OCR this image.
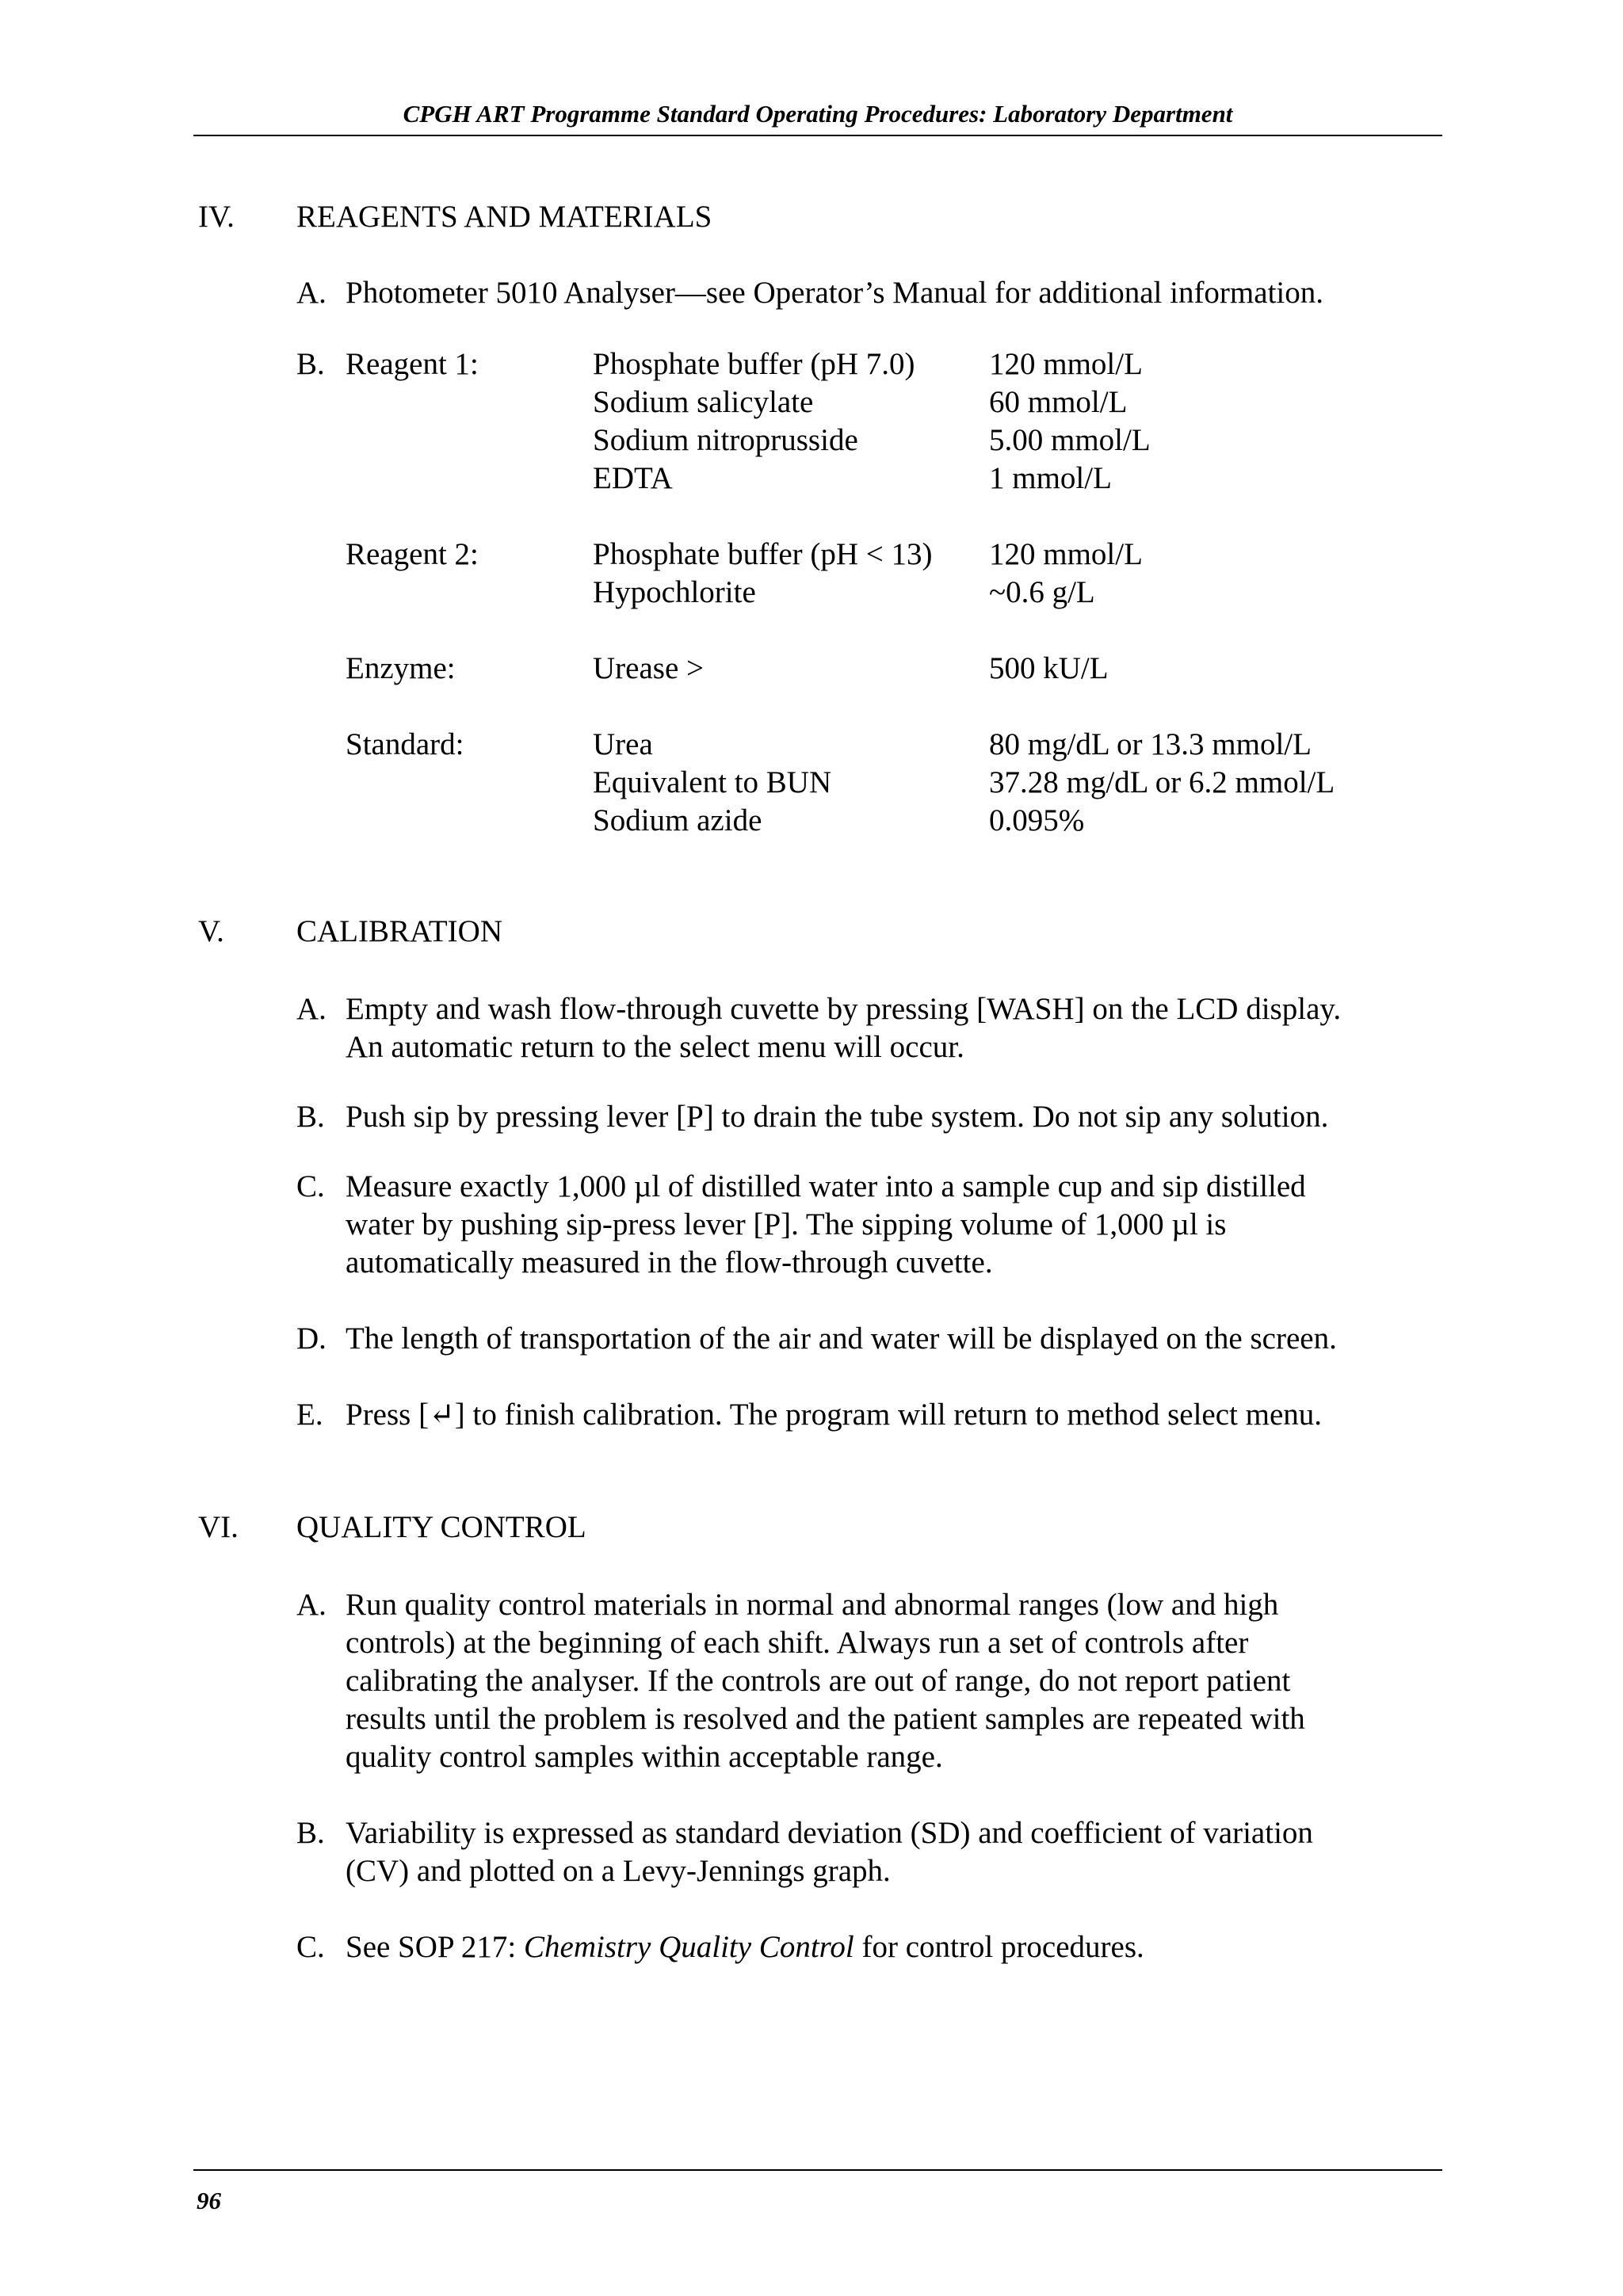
CPGH ART Programme Standard Operating Procedures: Laboratory Department
IV. REAGENTS AND MATERIALS
A. Photometer 5010 Analyser—see Operator’s Manual for additional information.
B. Reagent 1:	Phosphate buffer (pH 7.0) 120 mmol/L
Sodium salicylate	60 mmol/L
Sodium nitroprusside	5.00 mmol/L
EDTA	1 mmol/L
Reagent 2:	Phosphate buffer (pH < 13) 120 mmol/L
Hypochlorite	~0.6 g/L
Enzyme:	Urease >	500 kU/L
Standard:	Urea	80 mg/dL or 13.3 mmol/L
Equivalent to BUN	37.28 mg/dL or 6.2 mmol/L
Sodium azide	0.095%
V. CALIBRATION
A. Empty and wash flow-through cuvette by pressing [WASH] on the LCD display.
An automatic return to the select menu will occur.
B. Push sip by pressing lever [P] to drain the tube system. Do not sip any solution.
C. Measure exactly 1,000 µl of distilled water into a sample cup and sip distilled
water by pushing sip-press lever [P]. The sipping volume of 1,000 µl is
automatically measured in the flow-through cuvette.
D. The length of transportation of the air and water will be displayed on the screen.
E. Press [↵] to finish calibration. The program will return to method select menu.
VI. QUALITY CONTROL
A. Run quality control materials in normal and abnormal ranges (low and high
controls) at the beginning of each shift. Always run a set of controls after
calibrating the analyser. If the controls are out of range, do not report patient
results until the problem is resolved and the patient samples are repeated with
quality control samples within acceptable range.
B. Variability is expressed as standard deviation (SD) and coefficient of variation
(CV) and plotted on a Levy-Jennings graph.
C. See SOP 217: Chemistry Quality Control for control procedures.
96
